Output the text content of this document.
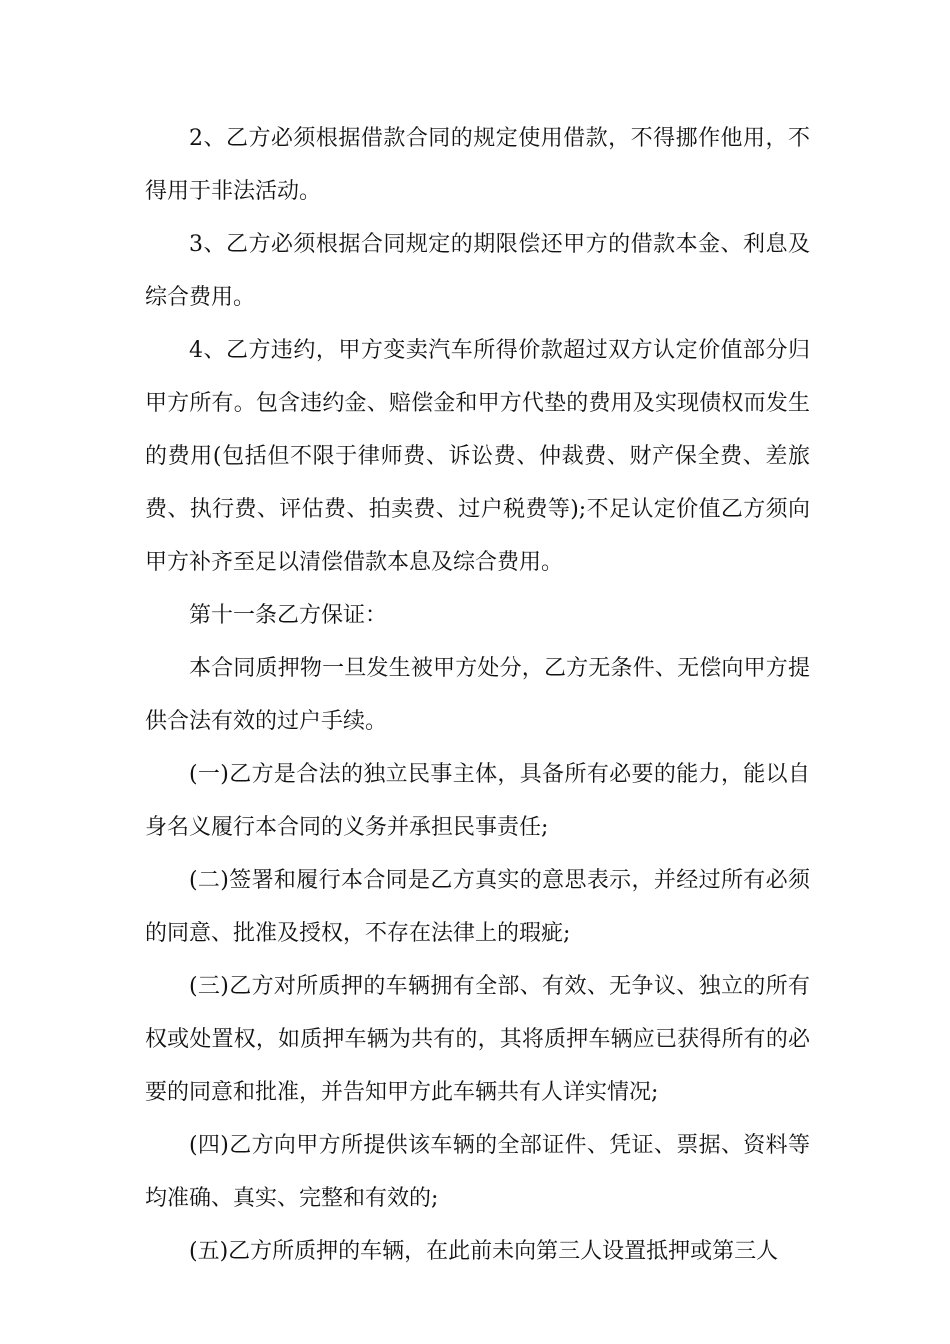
2、乙方必须根据借款合同的规定使用借款，不得挪作他用，不得用于非法活动。

3、乙方必须根据合同规定的期限偿还甲方的借款本金、利息及综合费用。

4、乙方违约，甲方变卖汽车所得价款超过双方认定价值部分归甲方所有。包含违约金、赔偿金和甲方代垫的费用及实现债权而发生的费用(包括但不限于律师费、诉讼费、仲裁费、财产保全费、差旅费、执行费、评估费、拍卖费、过户税费等);不足认定价值乙方须向甲方补齐至足以清偿借款本息及综合费用。

第十一条乙方保证：

本合同质押物一旦发生被甲方处分，乙方无条件、无偿向甲方提供合法有效的过户手续。

(一)乙方是合法的独立民事主体，具备所有必要的能力，能以自身名义履行本合同的义务并承担民事责任;

(二)签署和履行本合同是乙方真实的意思表示，并经过所有必须的同意、批准及授权，不存在法律上的瑕疵;

(三)乙方对所质押的车辆拥有全部、有效、无争议、独立的所有权或处置权，如质押车辆为共有的，其将质押车辆应已获得所有的必要的同意和批准，并告知甲方此车辆共有人详实情况;

(四)乙方向甲方所提供该车辆的全部证件、凭证、票据、资料等均准确、真实、完整和有效的;

(五)乙方所质押的车辆，在此前未向第三人设置抵押或第三人
